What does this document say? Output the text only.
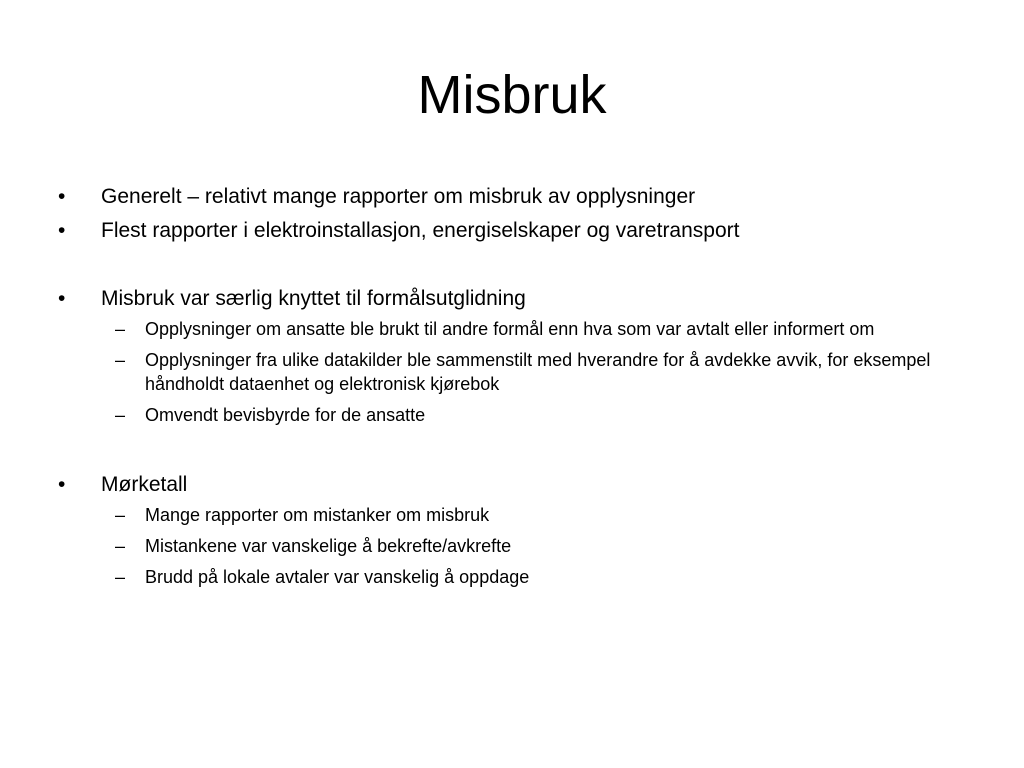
Misbruk
•	Generelt – relativt mange rapporter om misbruk av opplysninger
•	Flest rapporter i elektroinstallasjon, energiselskaper og varetransport
•	Misbruk var særlig knyttet til formålsutglidning
–	Opplysninger om ansatte ble brukt til andre formål enn hva som var avtalt eller informert om
–	Opplysninger fra ulike datakilder ble sammenstilt med hverandre for å avdekke avvik, for eksempel håndholdt dataenhet og elektronisk kjørebok
–	Omvendt bevisbyrde for de ansatte
•	Mørketall
–	Mange rapporter om mistanker om misbruk
–	Mistankene var vanskelige å bekrefte/avkrefte
–	Brudd på lokale avtaler var vanskelig å oppdage
